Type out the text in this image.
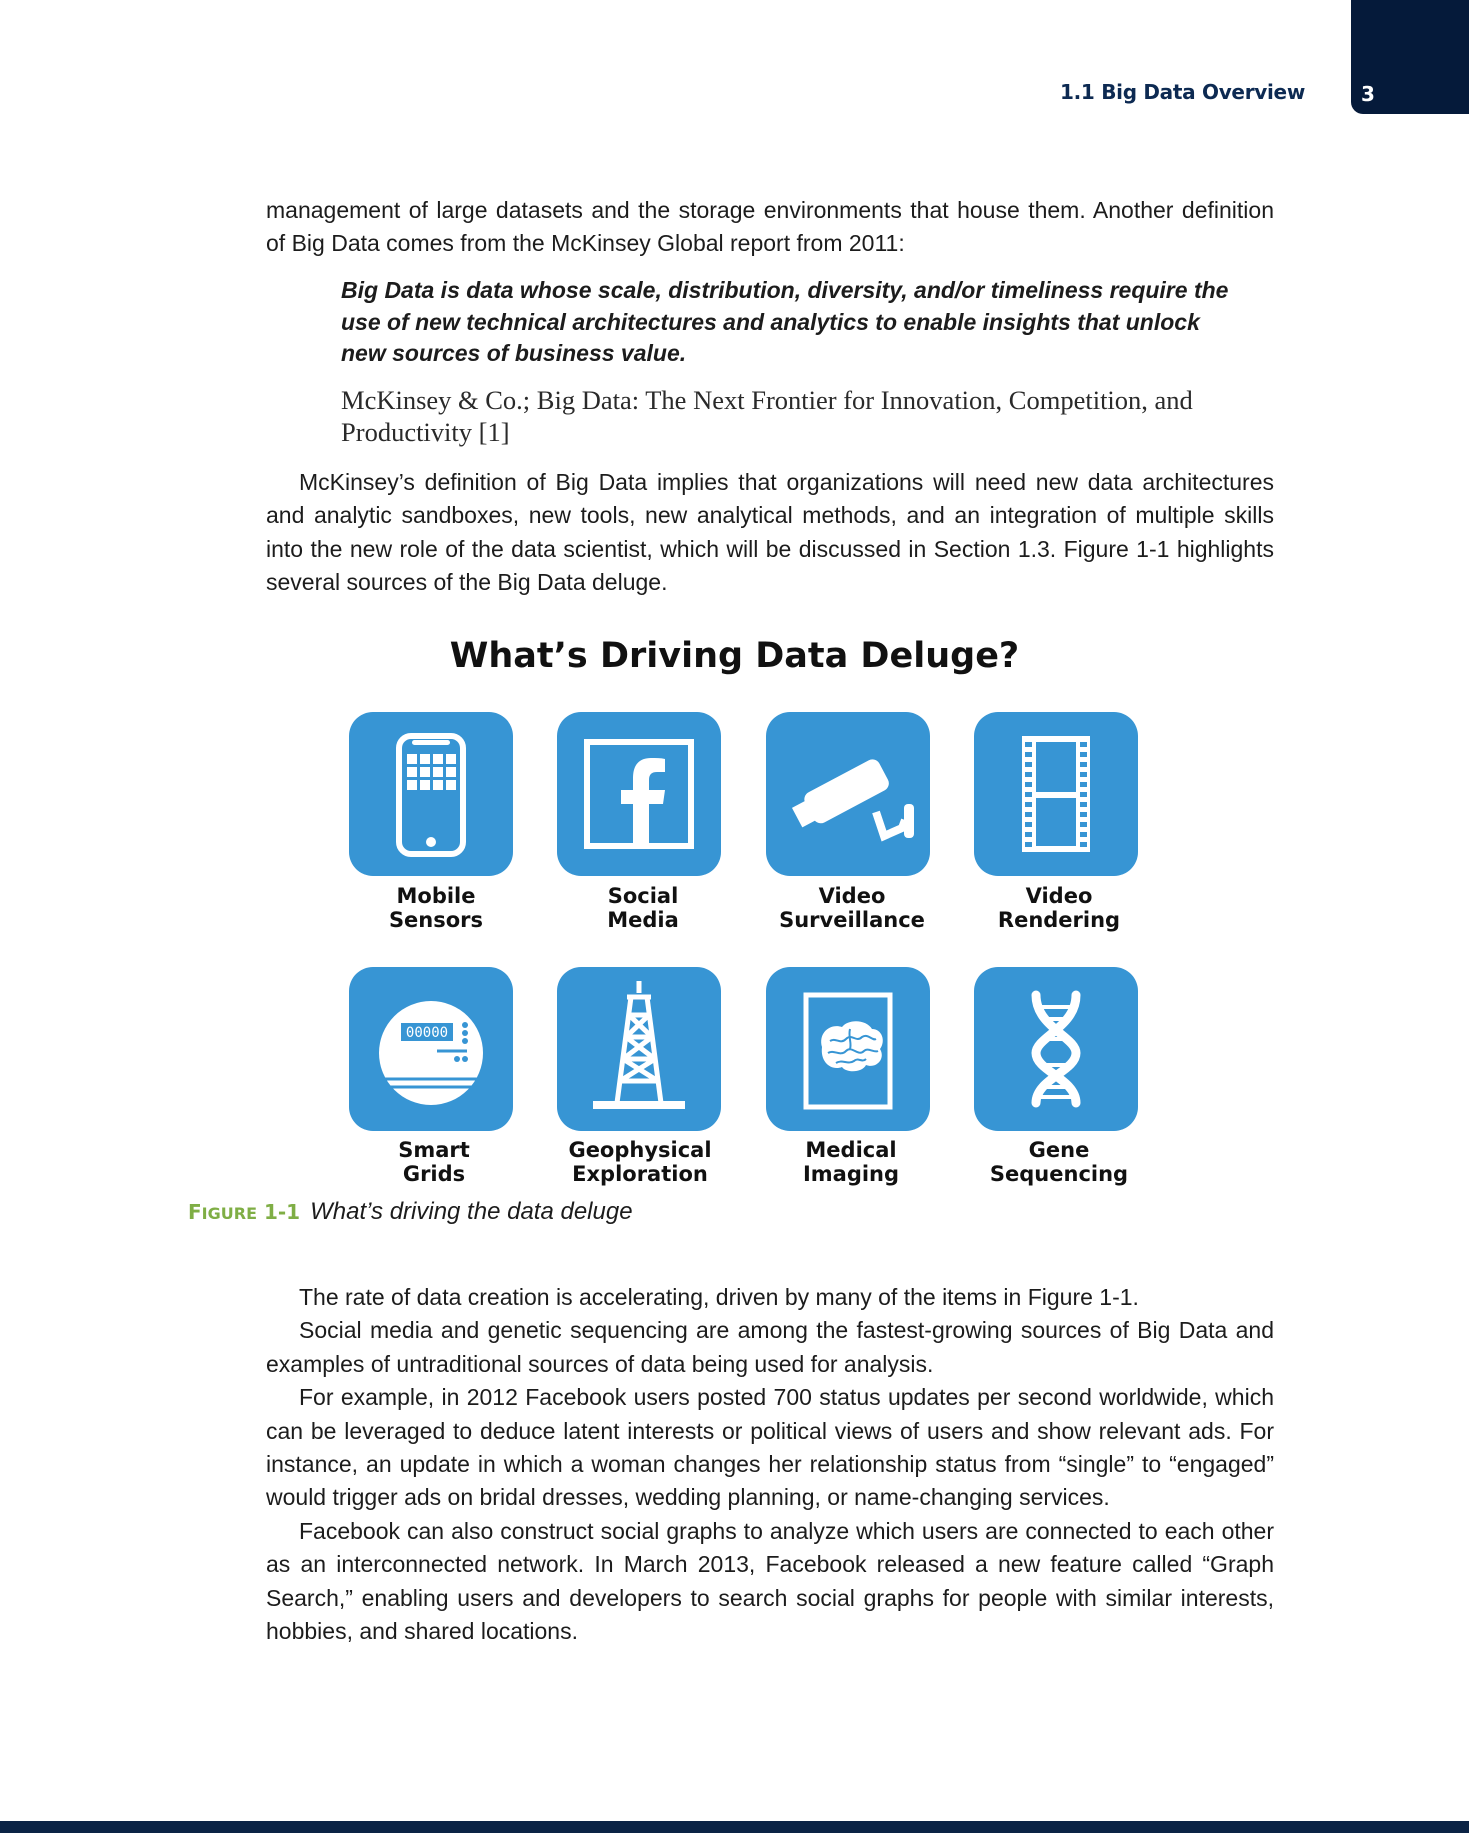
1.1 Big Data Overview	3

management of large datasets and the storage environments that house them. Another definition of Big Data comes from the McKinsey Global report from 2011:

Big Data is data whose scale, distribution, diversity, and/or timeliness require the use of new technical architectures and analytics to enable insights that unlock new sources of business value.
McKinsey & Co.; Big Data: The Next Frontier for Innovation, Competition, and Productivity [1]

McKinsey’s definition of Big Data implies that organizations will need new data architectures and analytic sandboxes, new tools, new analytical methods, and an integration of multiple skills into the new role of the data scientist, which will be discussed in Section 1.3. Figure 1-1 highlights several sources of the Big Data deluge.

What’s Driving Data Deluge?
Mobile
Sensors
Social
Media
Video
Surveillance
Video
Rendering
00000
Smart
Grids
Geophysical
Exploration
Medical
Imaging
Gene
Sequencing
FIGURE 1-1 What’s driving the data deluge

The rate of data creation is accelerating, driven by many of the items in Figure 1-1.

Social media and genetic sequencing are among the fastest-growing sources of Big Data and examples of untraditional sources of data being used for analysis.

For example, in 2012 Facebook users posted 700 status updates per second worldwide, which can be leveraged to deduce latent interests or political views of users and show relevant ads. For instance, an update in which a woman changes her relationship status from “single” to “engaged” would trigger ads on bridal dresses, wedding planning, or name-changing services.

Facebook can also construct social graphs to analyze which users are connected to each other as an interconnected network. In March 2013, Facebook released a new feature called “Graph Search,” enabling users and developers to search social graphs for people with similar interests, hobbies, and shared locations.
